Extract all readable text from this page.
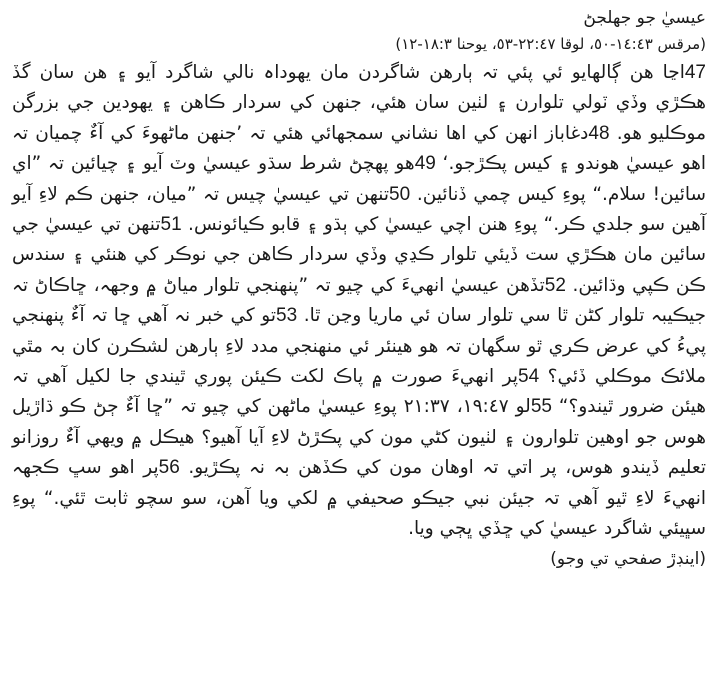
عيسيٰ جو جهلجڻ

(مرقس ١٤:٤٣-‏٥٠، لوقا ٢٢:٤٧-‏٥٣، يوحنا ١٨:٣-‏١٢)

47اڃا هن ڳالهايو ئي پئي تہ ٻارهن شاگردن مان يهوداہ نالي شاگرد آيو ۽ هن سان گڏ هڪڙي وڏي ٽولي تلوارن ۽ لٺين سان هئي، جنهن کي سردار ڪاهن ۽ يهودين جي بزرگن موڪليو هو. 48دغاباز انهن کي اها نشاني سمجهائي هئي تہ ’جنهن ماڻهوءَ کي آءٌ چميان تہ اهو عيسيٰ هوندو ۽ کيس پڪڙجو.‘ 49هو پهچڻ شرط سڌو عيسيٰ وٽ آيو ۽ چيائين تہ ”اي سائين! سلام.“ پوءِ کيس چمي ڏنائين. 50تنهن تي عيسيٰ چيس تہ ”ميان، جنهن ڪم لاءِ آيو آهين سو جلدي ڪر.“ پوءِ هنن اچي عيسيٰ کي ٻڌو ۽ قابو ڪيائونس. 51تنهن تي عيسيٰ جي سائين مان هڪڙي ست ڏيئي تلوار ڪڍي وڏي سردار ڪاهن جي نوڪر کي هنئي ۽ سندس ڪن ڪپي وڌائين. 52تڏهن عيسيٰ انهيءَ کي چيو تہ ”پنهنجي تلوار مياڻ ۾ وجهہ، ڇاڪاڻ تہ جيڪيبہ تلوار کڻن ٿا سي تلوار سان ئي ماريا وڃن ٿا. 53تو کي خبر نہ آهي ڇا تہ آءٌ پنهنجي پيءُ کي عرض ڪري ٿو سگهان تہ هو هينئر ئي منهنجي مدد لاءِ ٻارهن لشڪرن کان بہ مٿي ملائڪ موڪلي ڏئي؟ 54پر انهيءَ صورت ۾ پاڪ لکت ڪيئن پوري ٿيندي جا لکيل آهي تہ هيئن ضرور ٿيندو؟“ 55لو ١٩:٤٧، ٢١:٣٧ پوءِ عيسيٰ ماڻهن کي چيو تہ ”ڇا آءٌ ڄڻ ڪو ڌاڙيل هوس جو اوهين تلوارون ۽ لٺيون کڻي مون کي پڪڙڻ لاءِ آيا آهيو؟ هيڪل ۾ ويهي آءٌ روزانو تعليم ڏيندو هوس، پر اتي تہ اوهان مون کي ڪڏهن بہ نہ پڪڙيو. 56پر اهو سڀ ڪجهہ انهيءَ لاءِ ٿيو آهي تہ جيئن نبي جيڪو صحيفي ۾ لکي ويا آهن، سو سچو ثابت ٿئي.“ پوءِ سڀيئي شاگرد عيسيٰ کي ڇڏي ڀڄي ويا.

(اينڊڙ صفحي تي وجو)
